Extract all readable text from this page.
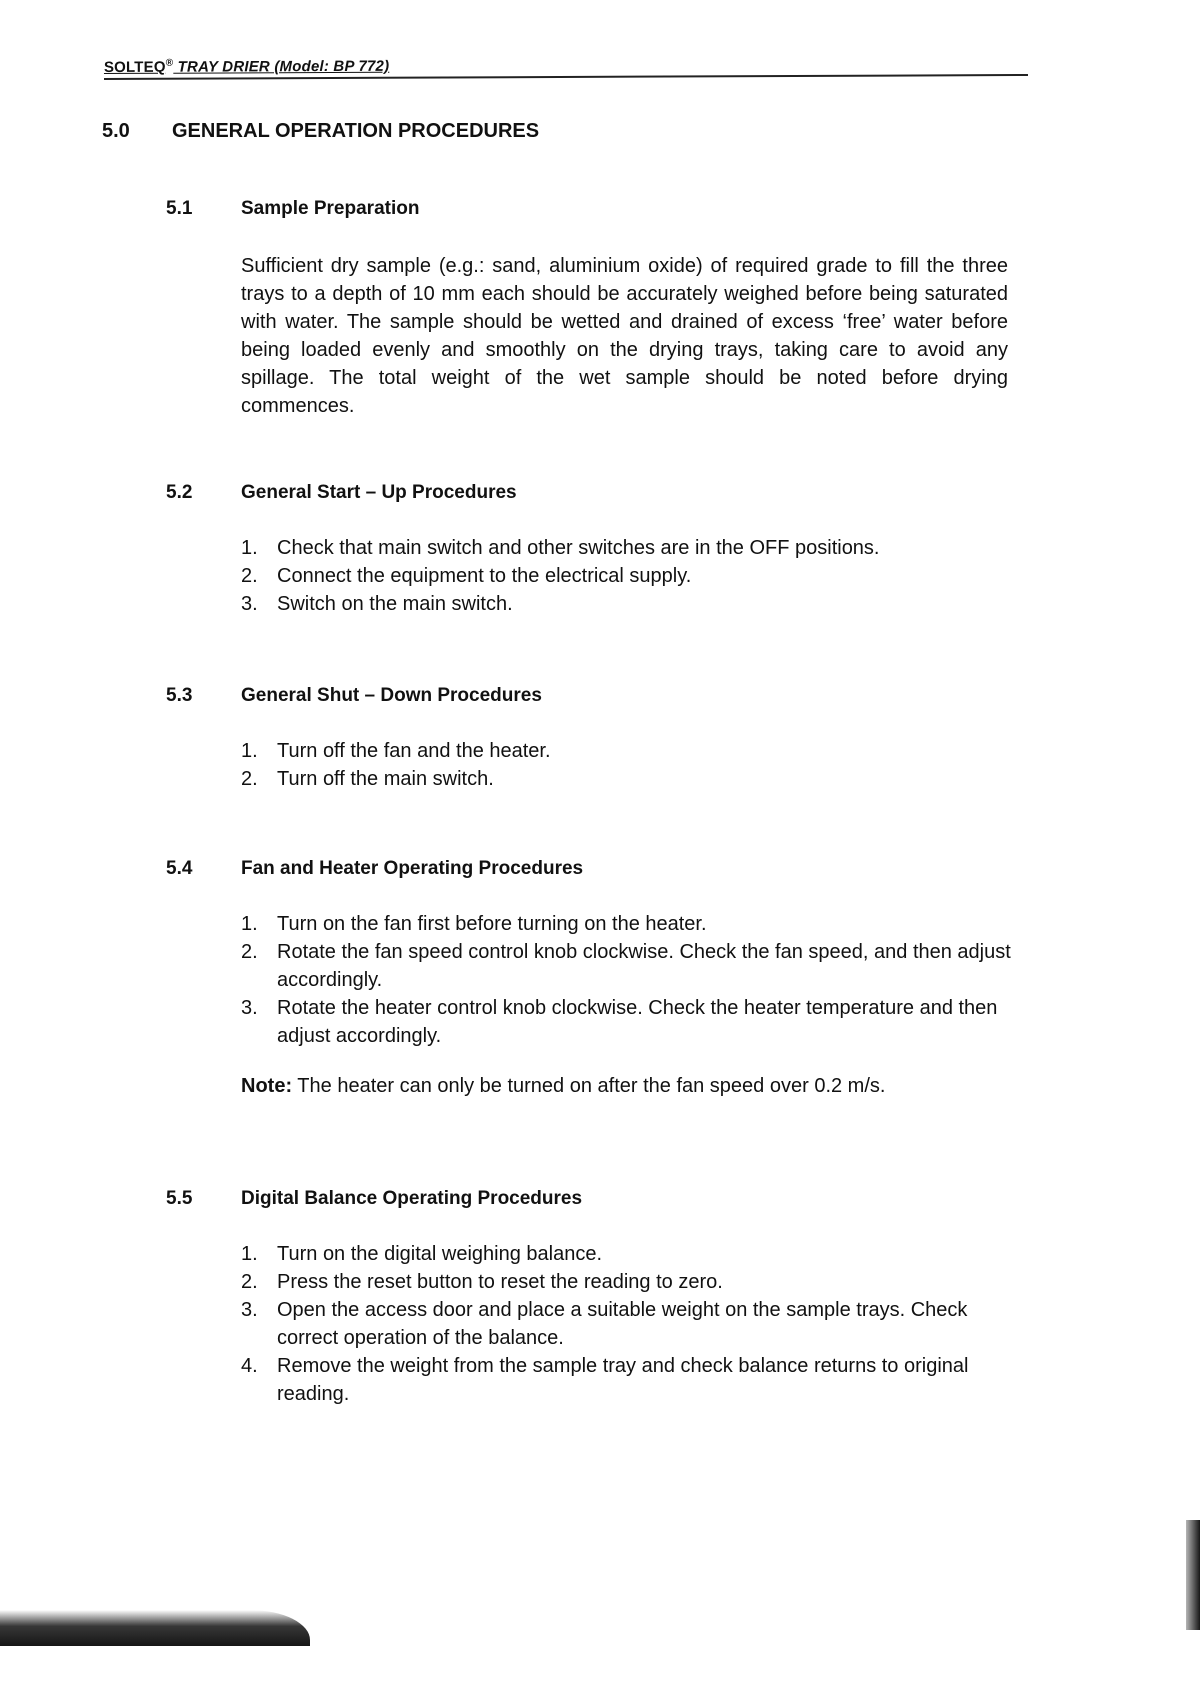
SOLTEQ® TRAY DRIER (Model: BP 772)
5.0 GENERAL OPERATION PROCEDURES
5.1	Sample Preparation
Sufficient dry sample (e.g.: sand, aluminium oxide) of required grade to fill the three trays to a depth of 10 mm each should be accurately weighed before being saturated with water. The sample should be wetted and drained of excess ‘free’ water before being loaded evenly and smoothly on the drying trays, taking care to avoid any spillage. The total weight of the wet sample should be noted before drying commences.
5.2	General Start – Up Procedures
1. Check that main switch and other switches are in the OFF positions.
2. Connect the equipment to the electrical supply.
3. Switch on the main switch.
5.3	General Shut – Down Procedures
1. Turn off the fan and the heater.
2. Turn off the main switch.
5.4	Fan and Heater Operating Procedures
1. Turn on the fan first before turning on the heater.
2. Rotate the fan speed control knob clockwise. Check the fan speed, and then adjust accordingly.
3. Rotate the heater control knob clockwise. Check the heater temperature and then adjust accordingly.
Note: The heater can only be turned on after the fan speed over 0.2 m/s.
5.5	Digital Balance Operating Procedures
1. Turn on the digital weighing balance.
2. Press the reset button to reset the reading to zero.
3. Open the access door and place a suitable weight on the sample trays. Check correct operation of the balance.
4. Remove the weight from the sample tray and check balance returns to original reading.
